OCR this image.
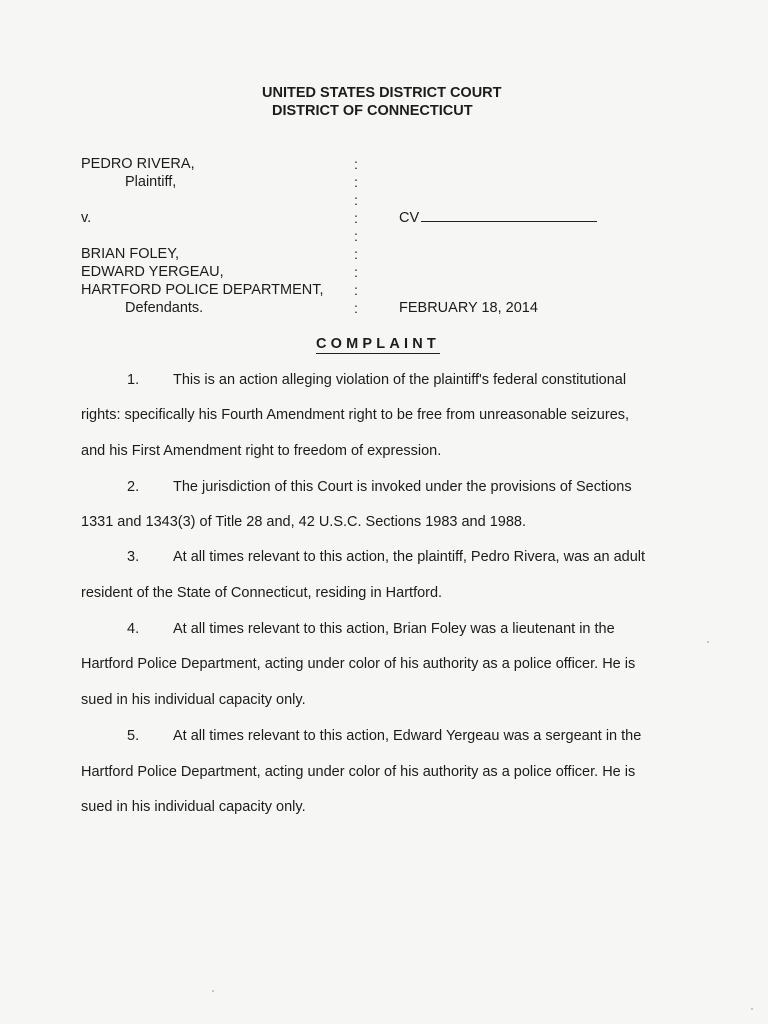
UNITED STATES DISTRICT COURT
DISTRICT OF CONNECTICUT
PEDRO RIVERA,
Plaintiff,
v.
BRIAN FOLEY,
EDWARD YERGEAU,
HARTFORD POLICE DEPARTMENT,
Defendants.
:
:
:
:
:
:
:
:
:
CV
FEBRUARY 18, 2014
COMPLAINT
1. This is an action alleging violation of the plaintiff's federal constitutional
rights: specifically his Fourth Amendment right to be free from unreasonable seizures,
and his First Amendment right to freedom of expression.
2. The jurisdiction of this Court is invoked under the provisions of Sections
1331 and 1343(3) of Title 28 and, 42 U.S.C. Sections 1983 and 1988.
3. At all times relevant to this action, the plaintiff, Pedro Rivera, was an adult
resident of the State of Connecticut, residing in Hartford.
4. At all times relevant to this action, Brian Foley was a lieutenant in the
Hartford Police Department, acting under color of his authority as a police officer. He is
sued in his individual capacity only.
5. At all times relevant to this action, Edward Yergeau was a sergeant in the
Hartford Police Department, acting under color of his authority as a police officer. He is
sued in his individual capacity only.
